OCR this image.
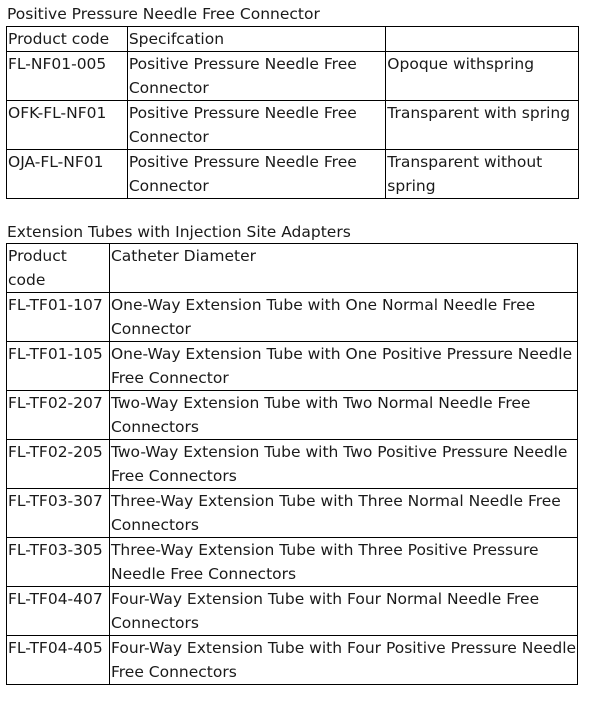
Positive Pressure Needle Free Connector
Product code	Specifcation	
FL-NF01-005	Positive Pressure Needle Free Connector	Opoque withspring
OFK-FL-NF01	Positive Pressure Needle Free Connector	Transparent with spring
OJA-FL-NF01	Positive Pressure Needle Free Connector	Transparent without spring
Extension Tubes with Injection Site Adapters
Product code	Catheter Diameter
FL-TF01-107	One-Way Extension Tube with One Normal Needle Free Connector
FL-TF01-105	One-Way Extension Tube with One Positive Pressure Needle Free Connector
FL-TF02-207	Two-Way Extension Tube with Two Normal Needle Free Connectors
FL-TF02-205	Two-Way Extension Tube with Two Positive Pressure Needle Free Connectors
FL-TF03-307	Three-Way Extension Tube with Three Normal Needle Free Connectors
FL-TF03-305	Three-Way Extension Tube with Three Positive Pressure Needle Free Connectors
FL-TF04-407	Four-Way Extension Tube with Four Normal Needle Free Connectors
FL-TF04-405	Four-Way Extension Tube with Four Positive Pressure Needle Free Connectors
